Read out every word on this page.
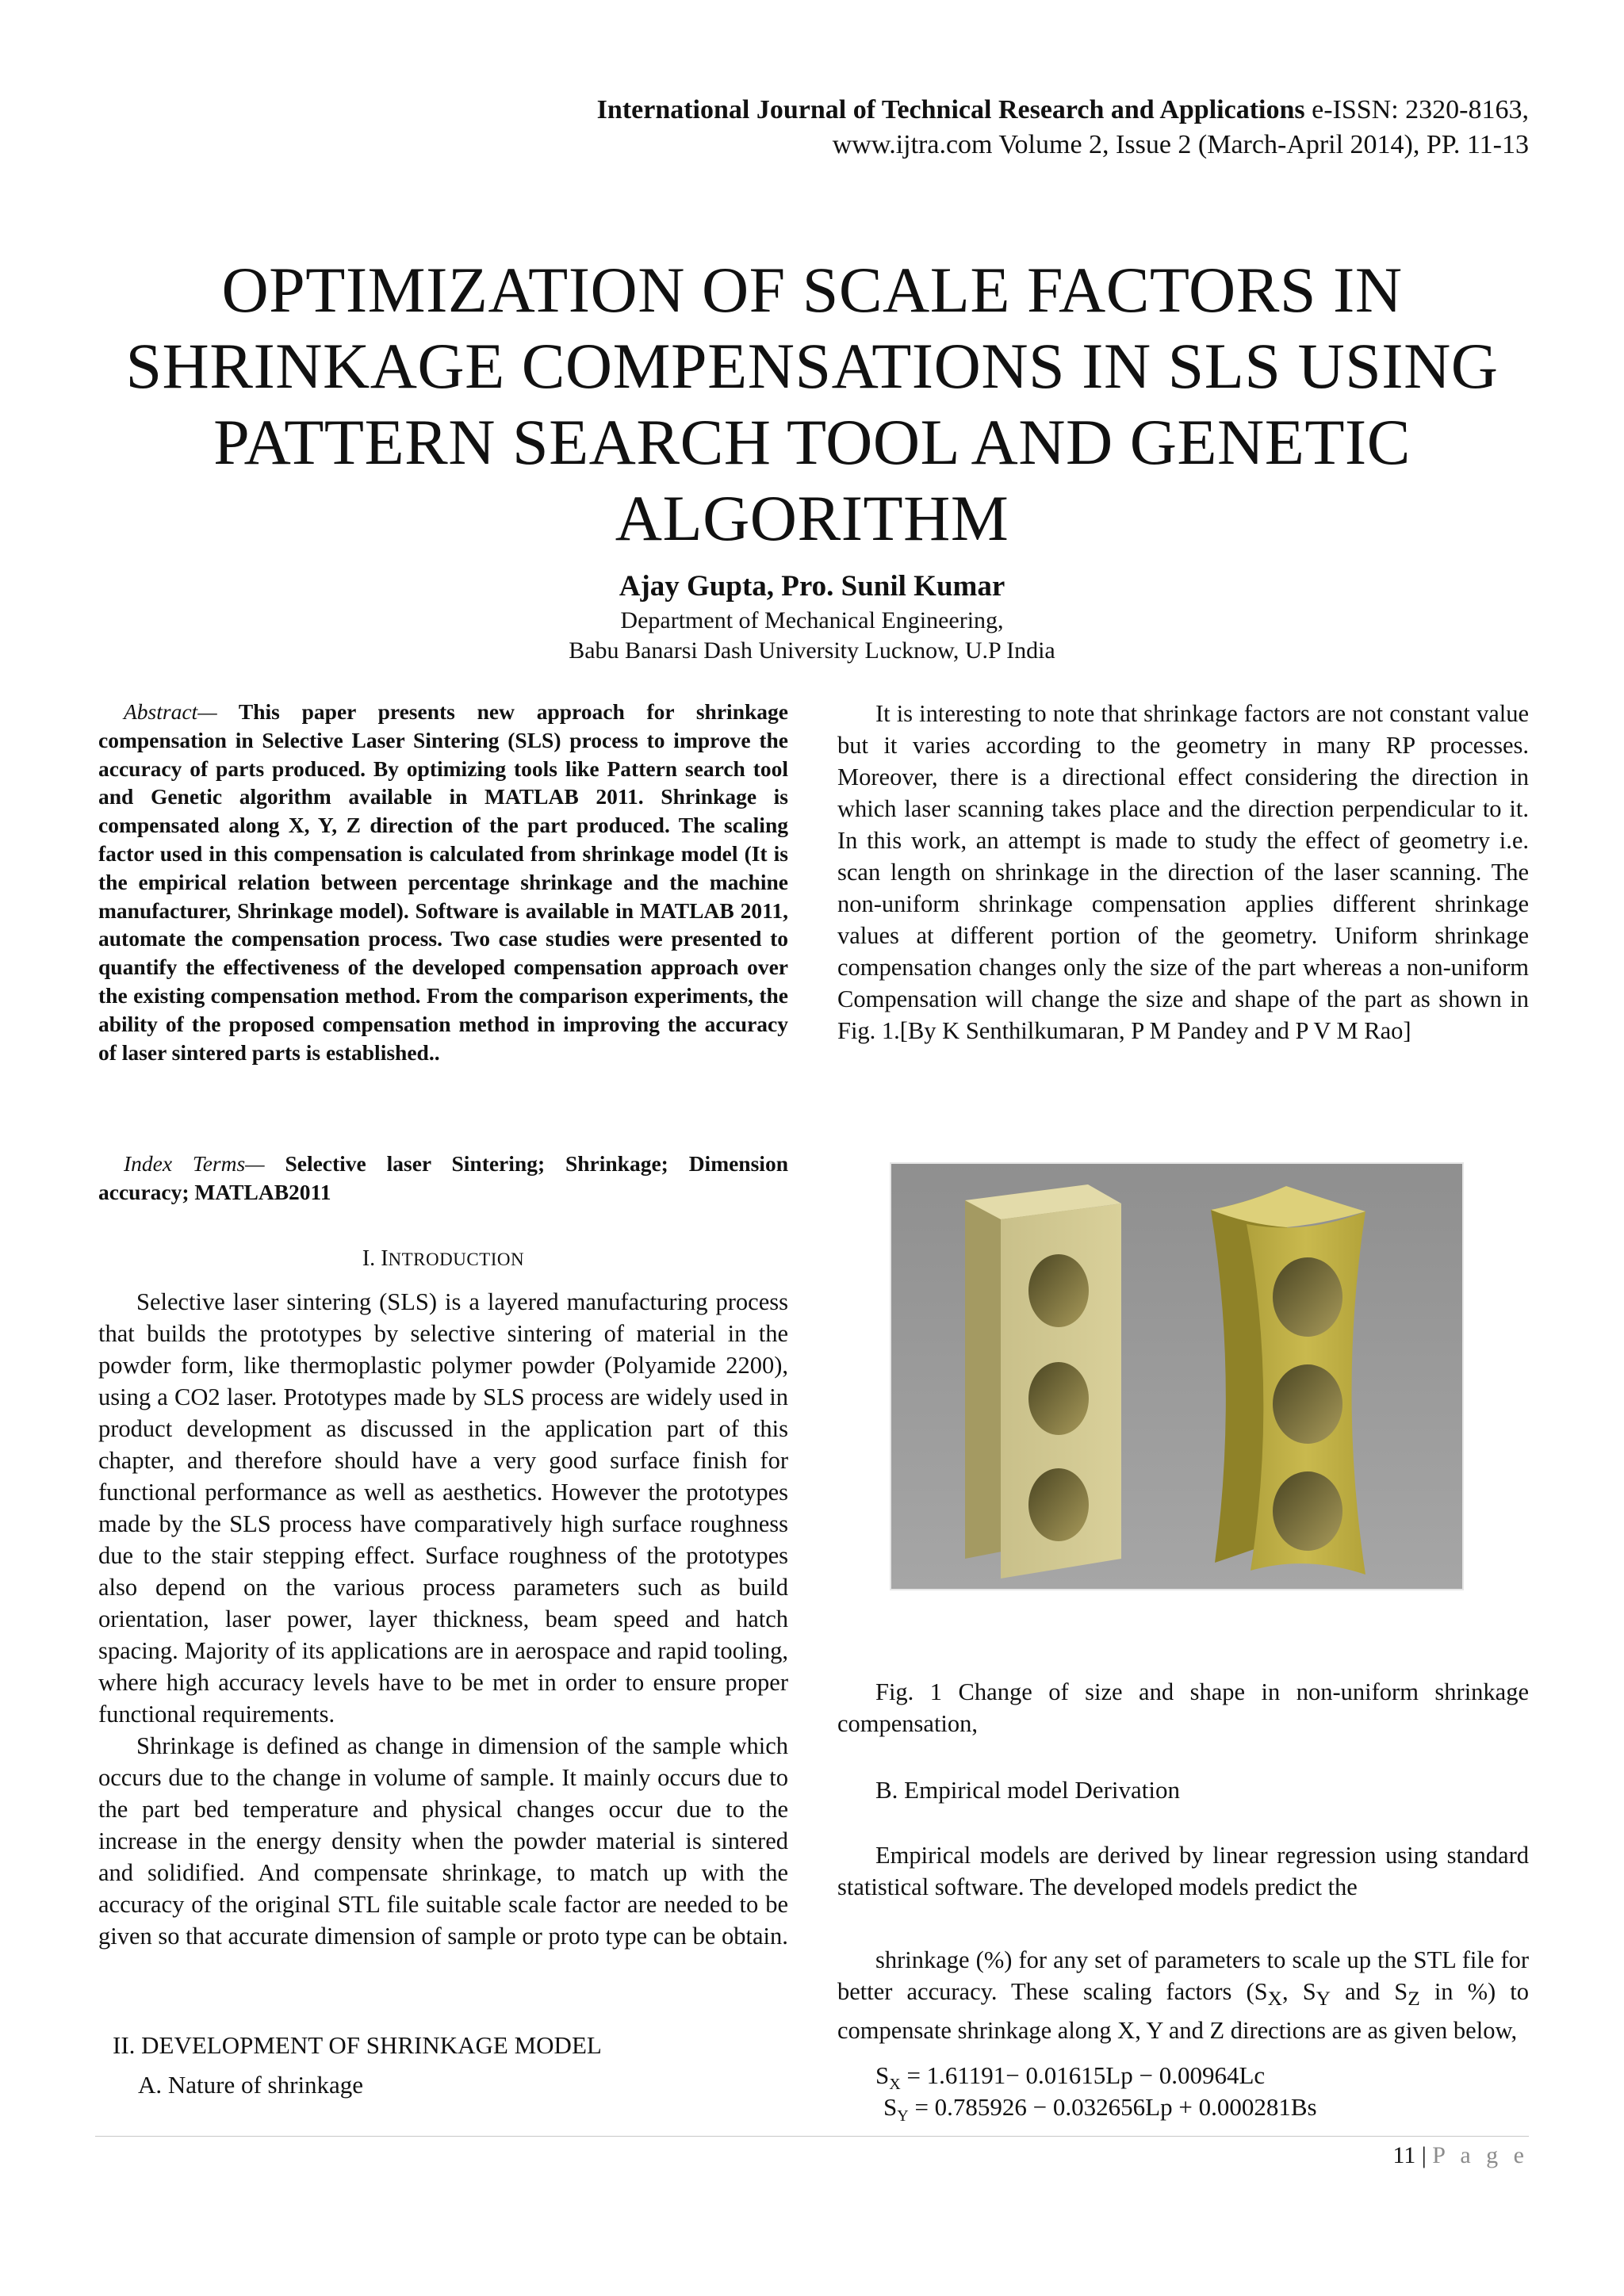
International Journal of Technical Research and Applications e-ISSN: 2320-8163,
www.ijtra.com Volume 2, Issue 2 (March-April 2014), PP. 11-13
OPTIMIZATION OF SCALE FACTORS IN
SHRINKAGE COMPENSATIONS IN SLS USING
PATTERN SEARCH TOOL AND GENETIC
ALGORITHM
Ajay Gupta, Pro. Sunil Kumar
Department of Mechanical Engineering,
Babu Banarsi Dash University Lucknow, U.P India
Abstract— This paper presents new approach for shrinkage compensation in Selective Laser Sintering (SLS) process to improve the accuracy of parts produced. By optimizing tools like Pattern search tool and Genetic algorithm available in MATLAB 2011. Shrinkage is compensated along X, Y, Z direction of the part produced. The scaling factor used in this compensation is calculated from shrinkage model (It is the empirical relation between percentage shrinkage and the machine manufacturer, Shrinkage model). Software is available in MATLAB 2011, automate the compensation process. Two case studies were presented to quantify the effectiveness of the developed compensation approach over the existing compensation method. From the comparison experiments, the ability of the proposed compensation method in improving the accuracy of laser sintered parts is established..
Index Terms— Selective laser Sintering; Shrinkage; Dimension accuracy; MATLAB2011
I. INTRODUCTION

Selective laser sintering (SLS) is a layered manufacturing process that builds the prototypes by selective sintering of material in the powder form, like thermoplastic polymer powder (Polyamide 2200), using a CO2 laser. Prototypes made by SLS process are widely used in product development as discussed in the application part of this chapter, and therefore should have a very good surface finish for functional performance as well as aesthetics. However the prototypes made by the SLS process have comparatively high surface roughness due to the stair stepping effect. Surface roughness of the prototypes also depend on the various process parameters such as build orientation, laser power, layer thickness, beam speed and hatch spacing. Majority of its applications are in aerospace and rapid tooling, where high accuracy levels have to be met in order to ensure proper functional requirements.

Shrinkage is defined as change in dimension of the sample which occurs due to the change in volume of sample. It mainly occurs due to the part bed temperature and physical changes occur due to the increase in the energy density when the powder material is sintered and solidified. And compensate shrinkage, to match up with the accuracy of the original STL file suitable scale factor are needed to be given so that accurate dimension of sample or proto type can be obtain.

II. DEVELOPMENT OF SHRINKAGE MODEL
A. Nature of shrinkage

It is interesting to note that shrinkage factors are not constant value but it varies according to the geometry in many RP processes. Moreover, there is a directional effect considering the direction in which laser scanning takes place and the direction perpendicular to it. In this work, an attempt is made to study the effect of geometry i.e. scan length on shrinkage in the direction of the laser scanning. The non-uniform shrinkage compensation applies different shrinkage values at different portion of the geometry. Uniform shrinkage compensation changes only the size of the part whereas a non-uniform Compensation will change the size and shape of the part as shown in Fig. 1.[By K Senthilkumaran, P M Pandey and P V M Rao]

Fig. 1 Change of size and shape in non-uniform shrinkage compensation,

B. Empirical model Derivation

Empirical models are derived by linear regression using standard statistical software. The developed models predict the

shrinkage (%) for any set of parameters to scale up the STL file for better accuracy. These scaling factors ($S_X$, $S_Y$ and $S_Z$ in %) to compensate shrinkage along X, Y and Z directions are as given below,

$S_X = 1.61191- 0.01615Lp - 0.00964Lc$
$S_Y = 0.785926 - 0.032656Lp + 0.000281Bs$
11 | P a g e
